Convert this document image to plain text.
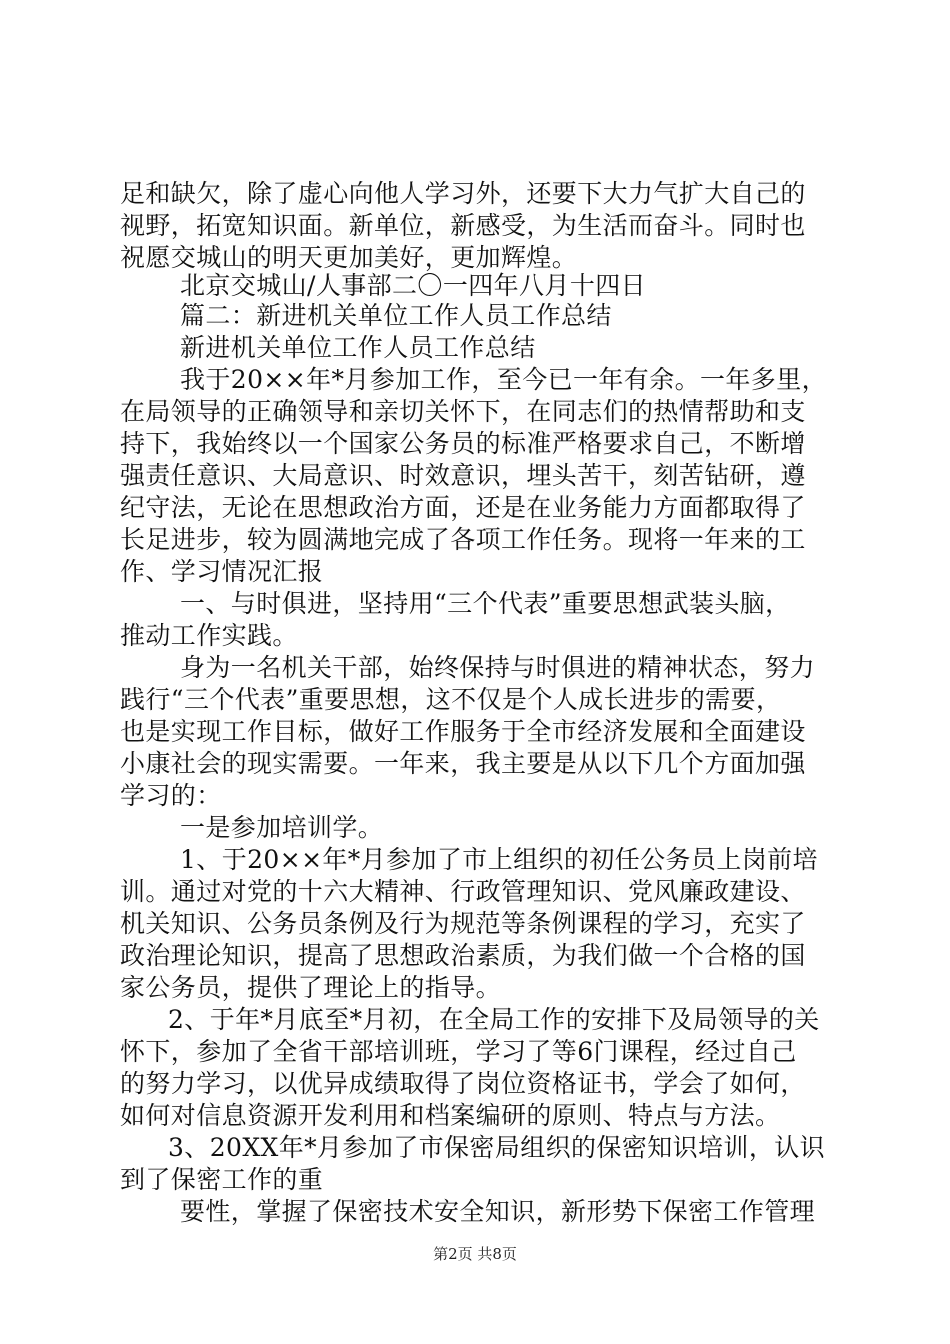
足和缺欠，除了虚心向他人学习外，还要下大力气扩大自己的
视野，拓宽知识面。新单位，新感受，为生活而奋斗。同时也
祝愿交城山的明天更加美好，更加辉煌。
北京交城山/人事部二〇一四年八月十四日
篇二：新进机关单位工作人员工作总结
新进机关单位工作人员工作总结
我于20××年*月参加工作，至今已一年有余。一年多里，
在局领导的正确领导和亲切关怀下，在同志们的热情帮助和支
持下，我始终以一个国家公务员的标准严格要求自己，不断增
强责任意识、大局意识、时效意识，埋头苦干，刻苦钻研，遵
纪守法，无论在思想政治方面，还是在业务能力方面都取得了
长足进步，较为圆满地完成了各项工作任务。现将一年来的工
作、学习情况汇报
一、与时俱进，坚持用“三个代表”重要思想武装头脑，
推动工作实践。
身为一名机关干部，始终保持与时俱进的精神状态，努力
践行“三个代表”重要思想，这不仅是个人成长进步的需要，
也是实现工作目标，做好工作服务于全市经济发展和全面建设
小康社会的现实需要。一年来，我主要是从以下几个方面加强
学习的：
一是参加培训学。
1、于20××年*月参加了市上组织的初任公务员上岗前培
训。通过对党的十六大精神、行政管理知识、党风廉政建设、
机关知识、公务员条例及行为规范等条例课程的学习，充实了
政治理论知识，提高了思想政治素质，为我们做一个合格的国
家公务员，提供了理论上的指导。
2、于年*月底至*月初，在全局工作的安排下及局领导的关
怀下，参加了全省干部培训班，学习了等6门课程，经过自己
的努力学习，以优异成绩取得了岗位资格证书，学会了如何，
如何对信息资源开发利用和档案编研的原则、特点与方法。
3、20XX年*月参加了市保密局组织的保密知识培训，认识
到了保密工作的重
要性，掌握了保密技术安全知识，新形势下保密工作管理
第2页 共8页
